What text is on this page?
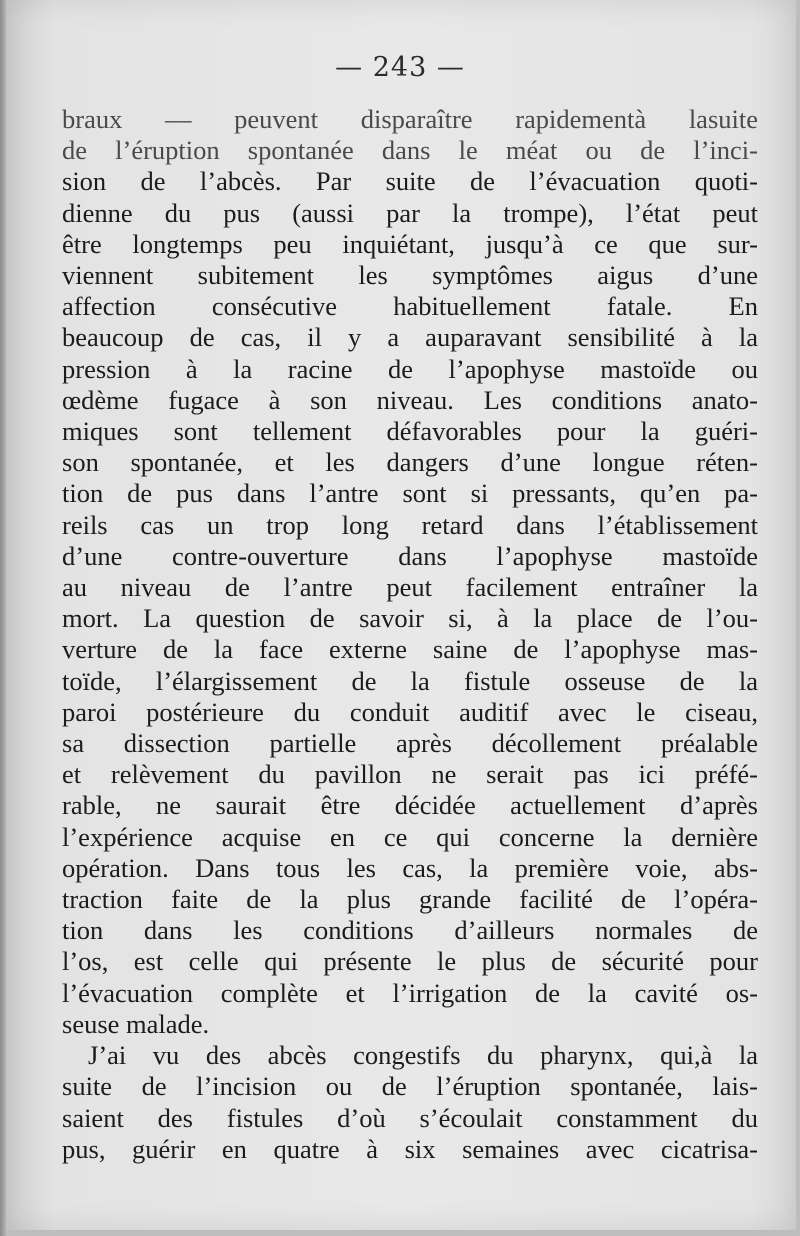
— 243 —
braux — peuvent disparaître rapidementà lasuite
de l’éruption spontanée dans le méat ou de l’inci-
sion de l’abcès. Par suite de l’évacuation quoti-
dienne du pus (aussi par la trompe), l’état peut
être longtemps peu inquiétant, jusqu’à ce que sur-
viennent subitement les symptômes aigus d’une
affection consécutive habituellement fatale. En
beaucoup de cas, il y a auparavant sensibilité à la
pression à la racine de l’apophyse mastoïde ou
œdème fugace à son niveau. Les conditions anato-
miques sont tellement défavorables pour la guéri-
son spontanée, et les dangers d’une longue réten-
tion de pus dans l’antre sont si pressants, qu’en pa-
reils cas un trop long retard dans l’établissement
d’une contre-ouverture dans l’apophyse mastoïde
au niveau de l’antre peut facilement entraîner la
mort. La question de savoir si, à la place de l’ou-
verture de la face externe saine de l’apophyse mas-
toïde, l’élargissement de la fistule osseuse de la
paroi postérieure du conduit auditif avec le ciseau,
sa dissection partielle après décollement préalable
et relèvement du pavillon ne serait pas ici préfé-
rable, ne saurait être décidée actuellement d’après
l’expérience acquise en ce qui concerne la dernière
opération. Dans tous les cas, la première voie, abs-
traction faite de la plus grande facilité de l’opéra-
tion dans les conditions d’ailleurs normales de
l’os, est celle qui présente le plus de sécurité pour
l’évacuation complète et l’irrigation de la cavité os-
seuse malade.
J’ai vu des abcès congestifs du pharynx, qui,à la
suite de l’incision ou de l’éruption spontanée, lais-
saient des fistules d’où s’écoulait constamment du
pus, guérir en quatre à six semaines avec cicatrisa-
